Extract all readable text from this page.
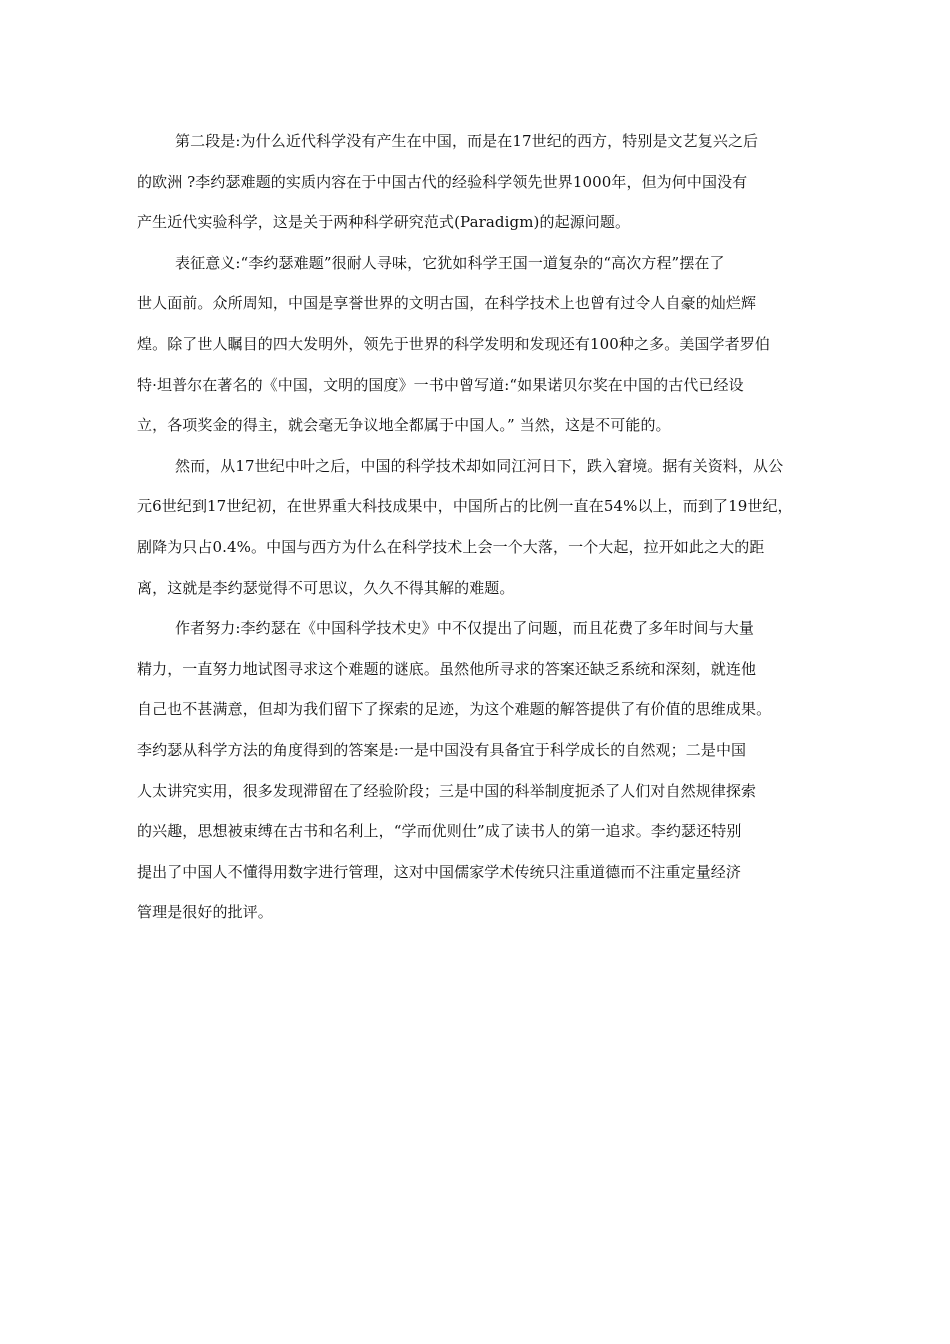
第二段是:为什么近代科学没有产生在中国，而是在17世纪的西方，特别是文艺复兴之后
的欧洲 ?李约瑟难题的实质内容在于中国古代的经验科学领先世界1000年，但为何中国没有
产生近代实验科学，这是关于两种科学研究范式(Paradigm)的起源问题。
表征意义:“李约瑟难题”很耐人寻味，它犹如科学王国一道复杂的“高次方程”摆在了
世人面前。众所周知，中国是享誉世界的文明古国，在科学技术上也曾有过令人自豪的灿烂辉
煌。除了世人瞩目的四大发明外，领先于世界的科学发明和发现还有100种之多。美国学者罗伯
特·坦普尔在著名的《中国，文明的国度》一书中曾写道:“如果诺贝尔奖在中国的古代已经设
立，各项奖金的得主，就会毫无争议地全都属于中国人。” 当然，这是不可能的。
然而，从17世纪中叶之后，中国的科学技术却如同江河日下，跌入窘境。据有关资料，从公
元6世纪到17世纪初，在世界重大科技成果中，中国所占的比例一直在54%以上，而到了19世纪，
剧降为只占0.4%。中国与西方为什么在科学技术上会一个大落，一个大起，拉开如此之大的距
离，这就是李约瑟觉得不可思议，久久不得其解的难题。
作者努力:李约瑟在《中国科学技术史》中不仅提出了问题，而且花费了多年时间与大量
精力，一直努力地试图寻求这个难题的谜底。虽然他所寻求的答案还缺乏系统和深刻，就连他
自己也不甚满意，但却为我们留下了探索的足迹，为这个难题的解答提供了有价值的思维成果。
李约瑟从科学方法的角度得到的答案是:一是中国没有具备宜于科学成长的自然观；二是中国
人太讲究实用，很多发现滞留在了经验阶段；三是中国的科举制度扼杀了人们对自然规律探索
的兴趣，思想被束缚在古书和名利上，“学而优则仕”成了读书人的第一追求。李约瑟还特别
提出了中国人不懂得用数字进行管理，这对中国儒家学术传统只注重道德而不注重定量经济
管理是很好的批评。
